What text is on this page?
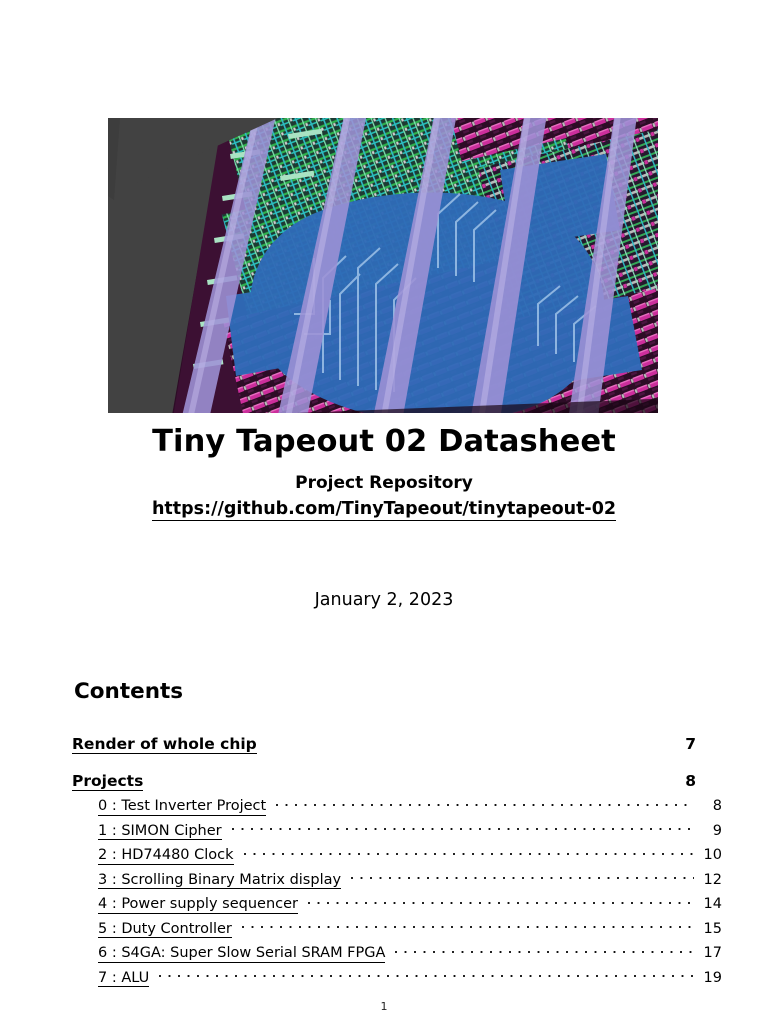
Tiny Tapeout 02 Datasheet

Project Repository

https://github.com/TinyTapeout/tinytapeout-02
January 2, 2023
Contents
Render of whole chip	7
Projects	8
0 : Test Inverter Project	8
1 : SIMON Cipher	9
2 : HD74480 Clock	10
3 : Scrolling Binary Matrix display	12
4 : Power supply sequencer	14
5 : Duty Controller	15
6 : S4GA: Super Slow Serial SRAM FPGA	17
7 : ALU	19
1
